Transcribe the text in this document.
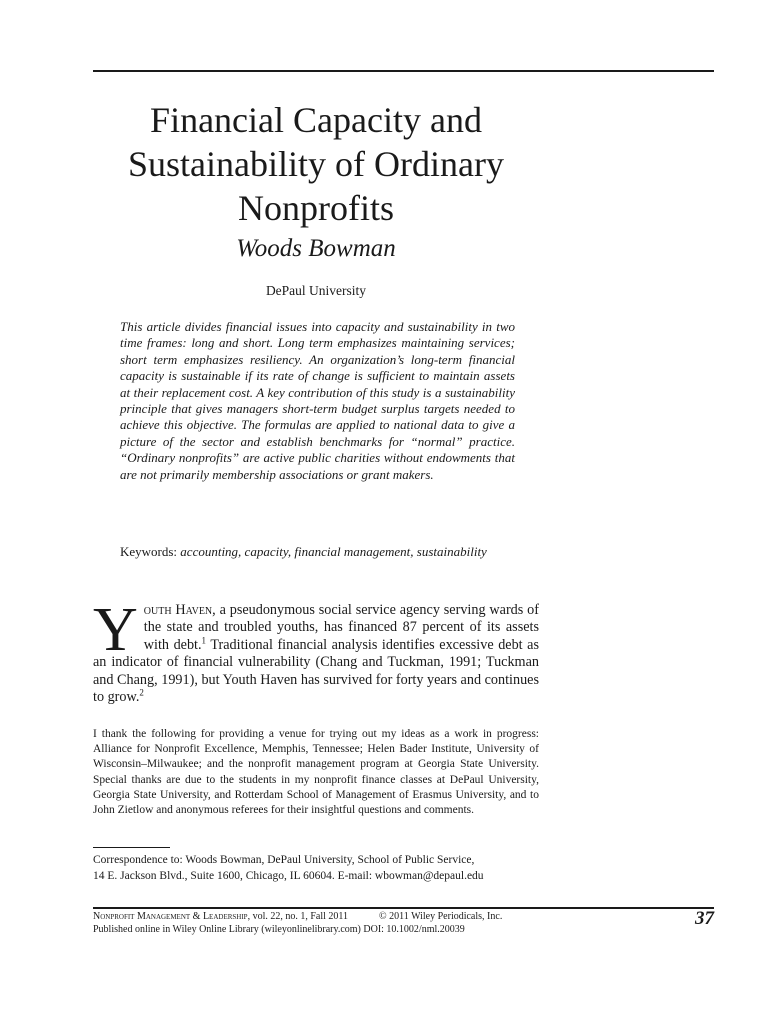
Financial Capacity and
Sustainability of Ordinary
Nonprofits
Woods Bowman
DePaul University
This article divides financial issues into capacity and sustainability in two time frames: long and short. Long term emphasizes maintaining services; short term emphasizes resiliency. An organization’s long-term financial capacity is sustainable if its rate of change is sufficient to maintain assets at their replacement cost. A key contribution of this study is a sustainability principle that gives managers short-term budget surplus targets needed to achieve this objective. The formulas are applied to national data to give a picture of the sector and establish benchmarks for “normal” practice. “Ordinary nonprofits” are active public charities without endowments that are not primarily membership associations or grant makers.
Keywords: accounting, capacity, financial management, sustainability
Youth Haven, a pseudonymous social service agency serving wards of the state and troubled youths, has financed 87 percent of its assets with debt.$^1$ Traditional financial analysis identifies excessive debt as an indicator of financial vulnerability (Chang and Tuckman, 1991; Tuckman and Chang, 1991), but Youth Haven has survived for forty years and continues to grow.$^2$
I thank the following for providing a venue for trying out my ideas as a work in progress: Alliance for Nonprofit Excellence, Memphis, Tennessee; Helen Bader Institute, University of Wisconsin–Milwaukee; and the nonprofit management program at Georgia State University. Special thanks are due to the students in my nonprofit finance classes at DePaul University, Georgia State University, and Rotterdam School of Management of Erasmus University, and to John Zietlow and anonymous referees for their insightful questions and comments.
Correspondence to: Woods Bowman, DePaul University, School of Public Service,
14 E. Jackson Blvd., Suite 1600, Chicago, IL 60604. E-mail: wbowman@depaul.edu
Nonprofit Management & Leadership, vol. 22, no. 1, Fall 2011	© 2011 Wiley Periodicals, Inc.
Published online in Wiley Online Library (wileyonlinelibrary.com) DOI: 10.1002/nml.20039
37
